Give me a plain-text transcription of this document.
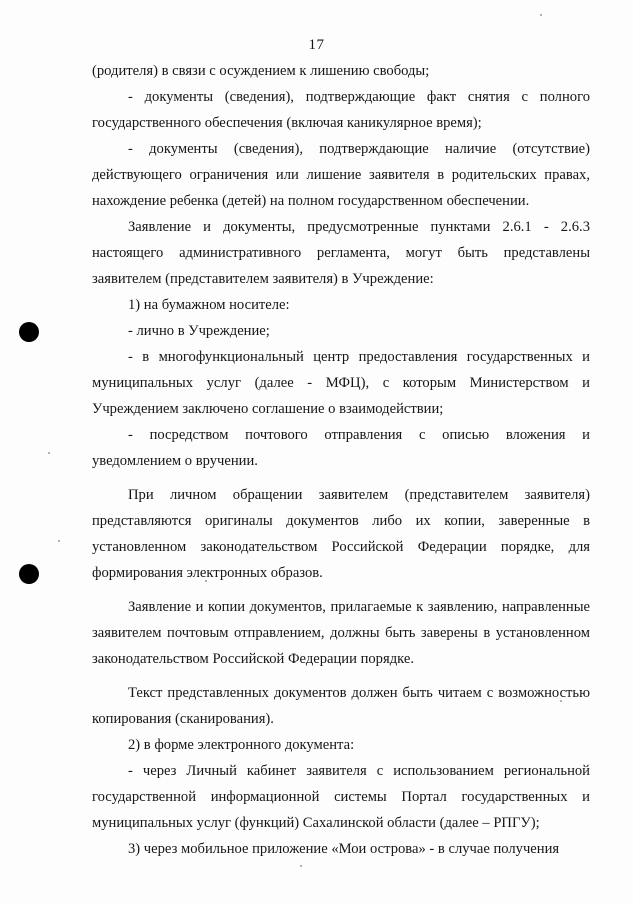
17

(родителя) в связи с осуждением к лишению свободы;

- документы (сведения), подтверждающие факт снятия с полного государственного обеспечения (включая каникулярное время);

- документы (сведения), подтверждающие наличие (отсутствие) действующего ограничения или лишение заявителя в родительских правах, нахождение ребенка (детей) на полном государственном обеспечении.

Заявление и документы, предусмотренные пунктами 2.6.1 - 2.6.3 настоящего административного регламента, могут быть представлены заявителем (представителем заявителя) в Учреждение:

1) на бумажном носителе:

- лично в Учреждение;

- в многофункциональный центр предоставления государственных и муниципальных услуг (далее - МФЦ), с которым Министерством и Учреждением заключено соглашение о взаимодействии;

- посредством почтового отправления с описью вложения и уведомлением о вручении.

При личном обращении заявителем (представителем заявителя) представляются оригиналы документов либо их копии, заверенные в установленном законодательством Российской Федерации порядке, для формирования электронных образов.

Заявление и копии документов, прилагаемые к заявлению, направленные заявителем почтовым отправлением, должны быть заверены в установленном законодательством Российской Федерации порядке.

Текст представленных документов должен быть читаем с возможностью копирования (сканирования).

2) в форме электронного документа:

- через Личный кабинет заявителя с использованием региональной государственной информационной системы Портал государственных и муниципальных услуг (функций) Сахалинской области (далее – РПГУ);

3) через мобильное приложение «Мои острова» - в случае получения
